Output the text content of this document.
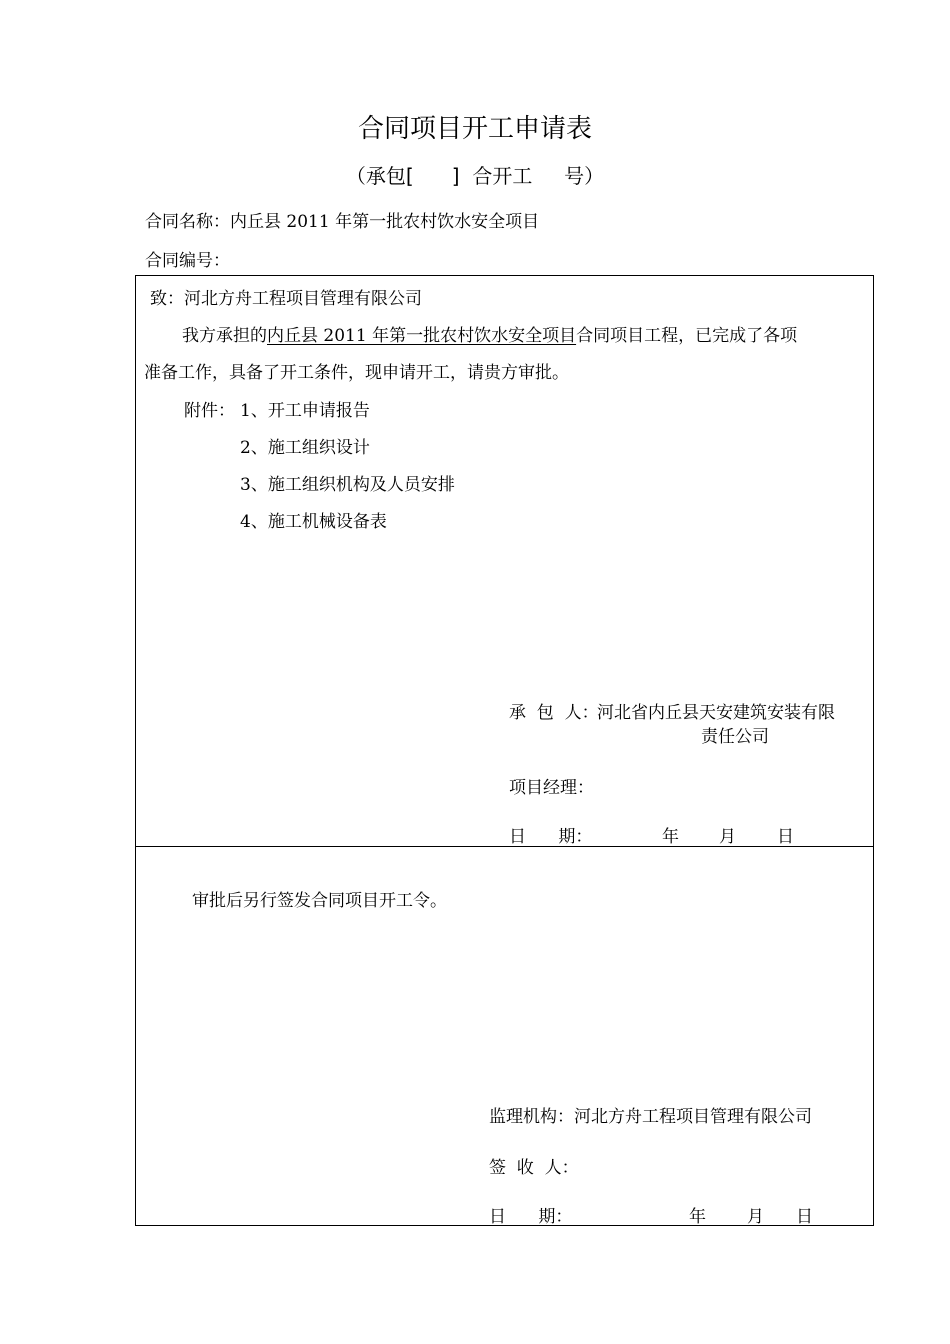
合同项目开工申请表
（承包[      ]  合开工     号）
合同名称：内丘县 2011 年第一批农村饮水安全项目
合同编号：
致：河北方舟工程项目管理有限公司
我方承担的内丘县 2011 年第一批农村饮水安全项目合同项目工程，已完成了各项
准备工作，具备了开工条件，现申请开工，请贵方审批。
附件： 1、开工申请报告
2、施工组织设计
3、施工组织机构及人员安排
4、施工机械设备表
承  包  人：
河北省内丘县天安建筑安装有限
责任公司
项目经理：
日      期：	年 月 日
审批后另行签发合同项目开工令。
监理机构：河北方舟工程项目管理有限公司
签  收  人：
日      期：	年 月 日
